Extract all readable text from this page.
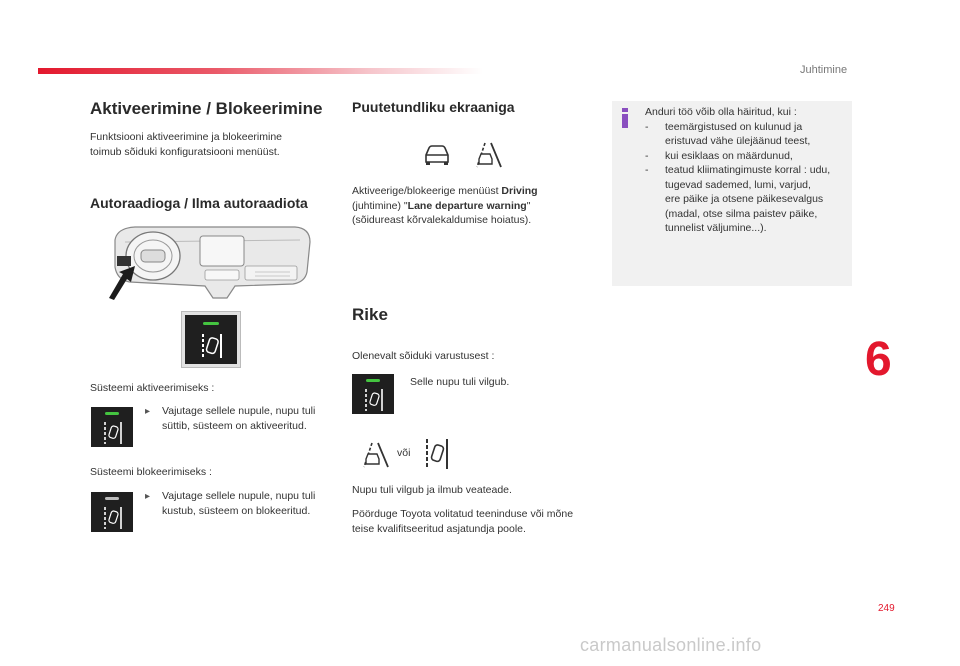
Juhtimine
Aktiveerimine / Blokeerimine
Funktsiooni aktiveerimine ja blokeerimine
toimub sõiduki konfiguratsiooni menüüst.
Autoraadioga / Ilma autoraadiota
Süsteemi aktiveerimiseks :
▸ Vajutage sellele nupule, nupu tuli
süttib, süsteem on aktiveeritud.
Süsteemi blokeerimiseks :
▸ Vajutage sellele nupule, nupu tuli
kustub, süsteem on blokeeritud.
Puutetundliku ekraaniga
Aktiveerige/blokeerige menüüst Driving
(juhtimine) "Lane departure warning"
(sõidureast kõrvalekaldumise hoiatus).
Rike
Olenevalt sõiduki varustusest :
Selle nupu tuli vilgub.
või
Nupu tuli vilgub ja ilmub veateade.
Pöörduge Toyota volitatud teeninduse või mõne
teise kvalifitseeritud asjatundja poole.
Anduri töö võib olla häiritud, kui :
- teemärgistused on kulunud ja
eristuvad vähe ülejäänud teest,
- kui esiklaas on määrdunud,
- teatud kliimatingimuste korral : udu,
tugevad sademed, lumi, varjud,
ere päike ja otsene päikesevalgus
(madal, otse silma paistev päike,
tunnelist väljumine...).
6
249
carmanualsonline.info
